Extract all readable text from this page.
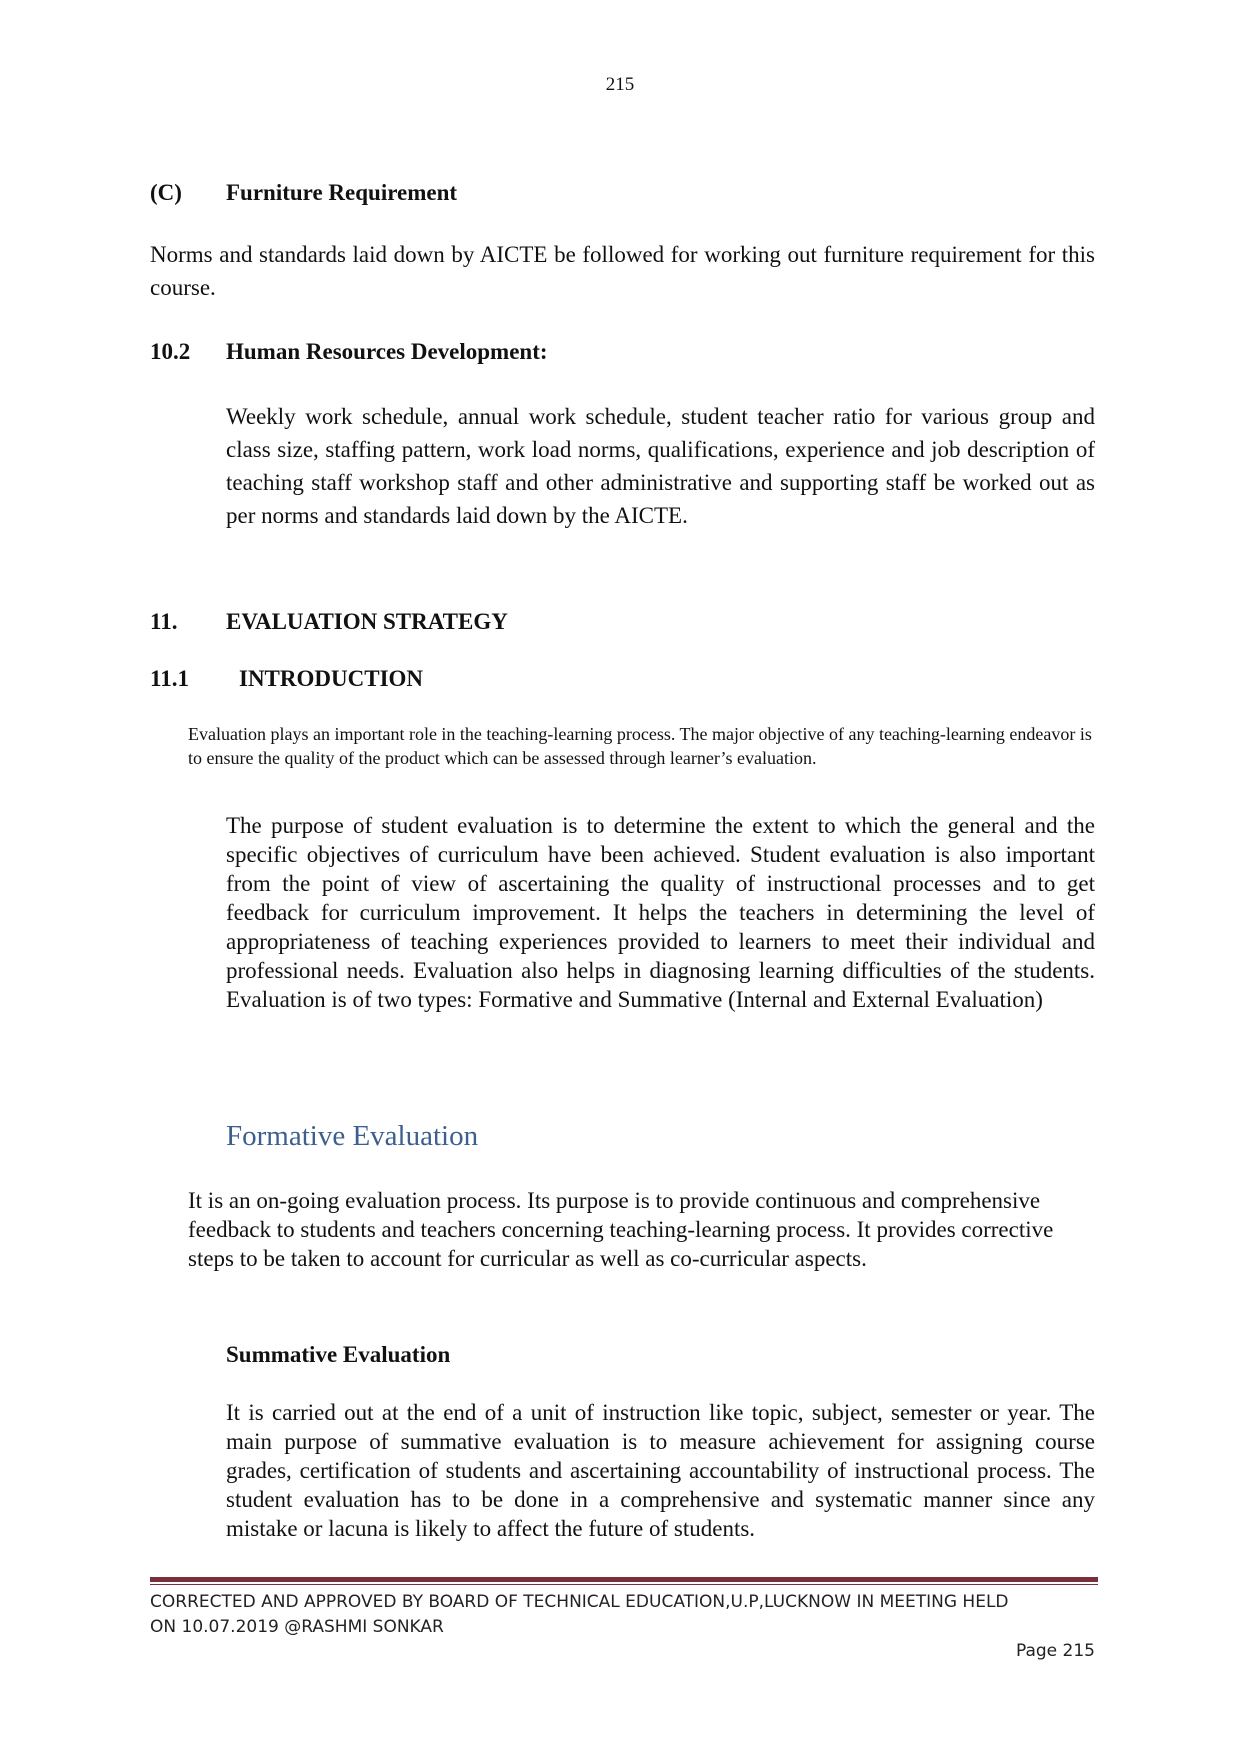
215
(C) Furniture Requirement
Norms and standards laid down by AICTE be followed for working out furniture requirement for this course.
10.2 Human Resources Development:
Weekly work schedule, annual work schedule, student teacher ratio for various group and class size, staffing pattern, work load norms, qualifications, experience and job description of teaching staff workshop staff and other administrative and supporting staff be worked out as per norms and standards laid down by the AICTE.
11. EVALUATION STRATEGY
11.1 INTRODUCTION
Evaluation plays an important role in the teaching-learning process. The major objective of any teaching-learning endeavor is to ensure the quality of the product which can be assessed through learner’s evaluation.
The purpose of student evaluation is to determine the extent to which the general and the specific objectives of curriculum have been achieved. Student evaluation is also important from the point of view of ascertaining the quality of instructional processes and to get feedback for curriculum improvement. It helps the teachers in determining the level of appropriateness of teaching experiences provided to learners to meet their individual and professional needs. Evaluation also helps in diagnosing learning difficulties of the students. Evaluation is of two types: Formative and Summative (Internal and External Evaluation)
Formative Evaluation
It is an on-going evaluation process. Its purpose is to provide continuous and comprehensive feedback to students and teachers concerning teaching-learning process. It provides corrective steps to be taken to account for curricular as well as co-curricular aspects.
Summative Evaluation
It is carried out at the end of a unit of instruction like topic, subject, semester or year. The main purpose of summative evaluation is to measure achievement for assigning course grades, certification of students and ascertaining accountability of instructional process. The student evaluation has to be done in a comprehensive and systematic manner since any mistake or lacuna is likely to affect the future of students.
CORRECTED AND APPROVED BY BOARD OF TECHNICAL EDUCATION,U.P,LUCKNOW IN MEETING HELD
ON 10.07.2019 @RASHMI SONKAR
Page 215
